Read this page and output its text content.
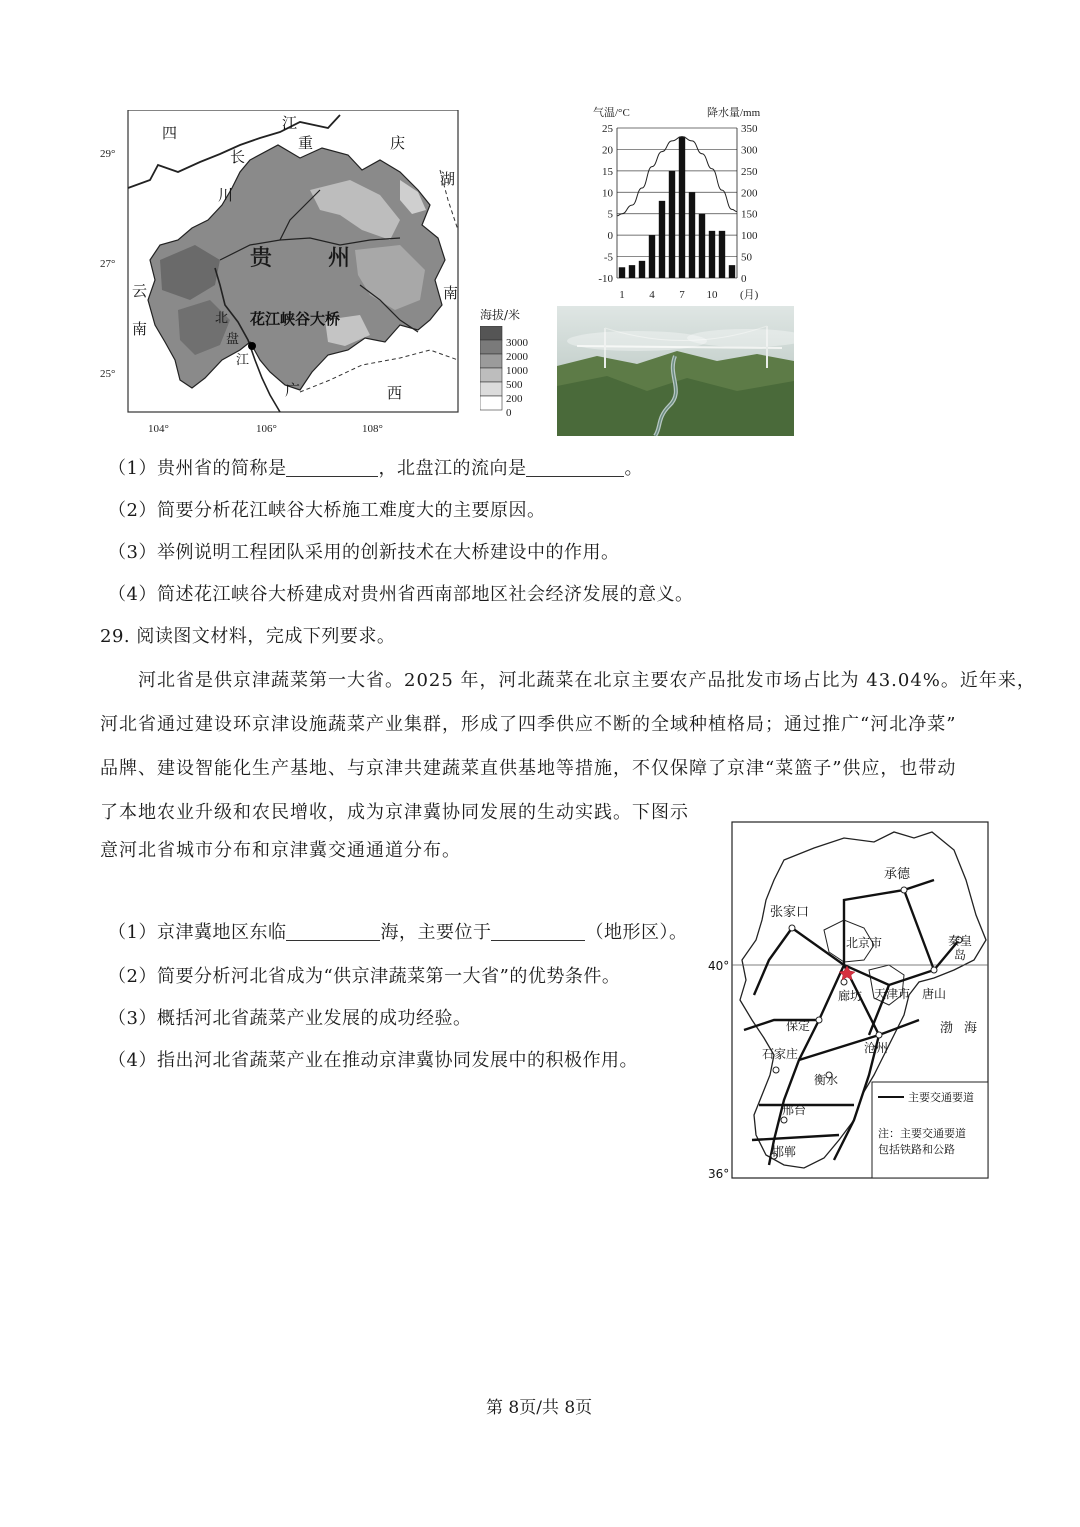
29°
27°
25°
104°	106°	108°
四
川
重	庆
湖
南
云
南
广	西
长
江
北
盘
江
贵	州
花江峡谷大桥	海拔/米
3000
2000
1000
500
200
0
气温/°C	降水量/mm
-10
-5
0
5
10
15
20
25
0
50
100
150
200
250
300
350
1 4 7 10 (月)
（1）贵州省的简称是	，北盘江的流向是	。
（2）简要分析花江峡谷大桥施工难度大的主要原因。
（3）举例说明工程团队采用的创新技术在大桥建设中的作用。
（4）简述花江峡谷大桥建成对贵州省西南部地区社会经济发展的意义。
29. 阅读图文材料，完成下列要求。
河北省是供京津蔬菜第一大省。2025 年，河北蔬菜在北京主要农产品批发市场占比为 43.04%。近年来，
河北省通过建设环京津设施蔬菜产业集群，形成了四季供应不断的全域种植格局；通过推广“河北净菜”
品牌、建设智能化生产基地、与京津共建蔬菜直供基地等措施，不仅保障了京津“菜篮子”供应，也带动
了本地农业升级和农民增收，成为京津冀协同发展的生动实践。下图示
意河北省城市分布和京津冀交通通道分布。
（1）京津冀地区东临	海，主要位于	（地形区）。
（2）简要分析河北省成为“供京津蔬菜第一大省”的优势条件。
（3）概括河北省蔬菜产业发展的成功经验。
（4）指出河北省蔬菜产业在推动京津冀协同发展中的积极作用。
40°
36°
张家口
承德
北京市	秦皇
岛
廊坊 天津市 唐山
保定
石家庄	沧州
衡水
邢台
邯郸
渤 海
主要交通要道
注：主要交通要道
包括铁路和公路
第 8页/共 8页
